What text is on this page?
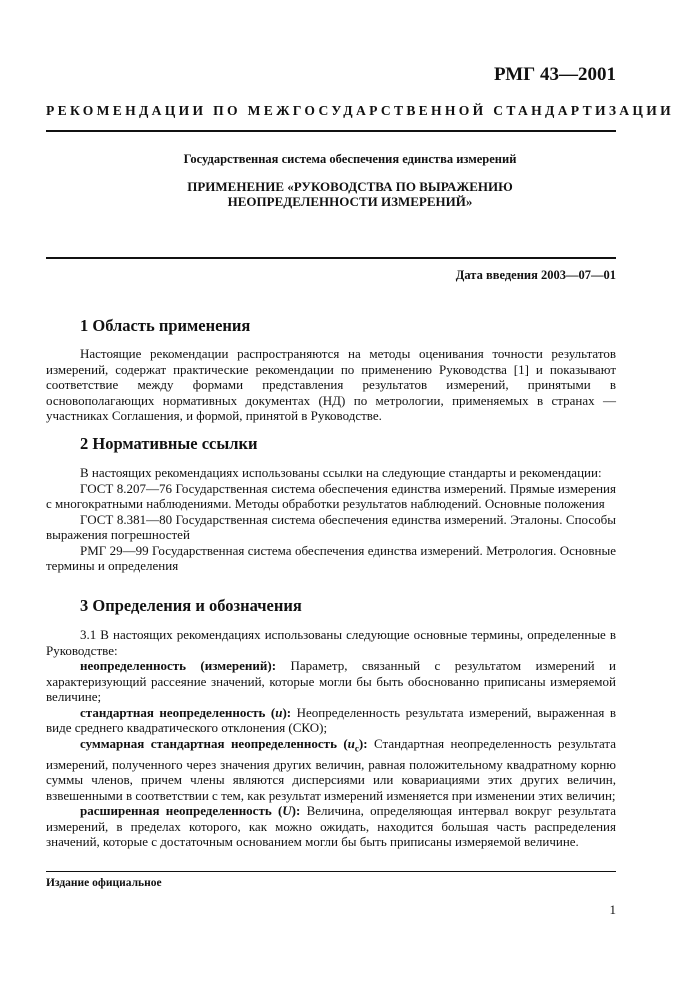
РМГ 43—2001
РЕКОМЕНДАЦИИ ПО МЕЖГОСУДАРСТВЕННОЙ СТАНДАРТИЗАЦИИ
Государственная система обеспечения единства измерений
ПРИМЕНЕНИЕ «РУКОВОДСТВА ПО ВЫРАЖЕНИЮ
НЕОПРЕДЕЛЕННОСТИ ИЗМЕРЕНИЙ»
Дата введения 2003—07—01
1 Область применения

Настоящие рекомендации распространяются на методы оценивания точности результатов измерений, содержат практические рекомендации по применению Руководства [1] и показывают соответствие между формами представления результатов измерений, принятыми в основополагающих нормативных документах (НД) по метрологии, применяемых в странах — участниках Соглашения, и формой, принятой в Руководстве.

2 Нормативные ссылки

В настоящих рекомендациях использованы ссылки на следующие стандарты и рекомендации:

ГОСТ 8.207—76 Государственная система обеспечения единства измерений. Прямые измерения с многократными наблюдениями. Методы обработки результатов наблюдений. Основные положения

ГОСТ 8.381—80 Государственная система обеспечения единства измерений. Эталоны. Способы выражения погрешностей

РМГ 29—99 Государственная система обеспечения единства измерений. Метрология. Основные термины и определения

3 Определения и обозначения

3.1 В настоящих рекомендациях использованы следующие основные термины, определенные в Руководстве:

неопределенность (измерений): Параметр, связанный с результатом измерений и характеризующий рассеяние значений, которые могли бы быть обоснованно приписаны измеряемой величине;

стандартная неопределенность (u): Неопределенность результата измерений, выраженная в виде среднего квадратического отклонения (СКО);

суммарная стандартная неопределенность $(u_c)$: Стандартная неопределенность результата измерений, полученного через значения других величин, равная положительному квадратному корню суммы членов, причем члены являются дисперсиями или ковариациями этих других величин, взвешенными в соответствии с тем, как результат измерений изменяется при изменении этих величин;

расширенная неопределенность (U): Величина, определяющая интервал вокруг результата измерений, в пределах которого, как можно ожидать, находится большая часть распределения значений, которые с достаточным основанием могли бы быть приписаны измеряемой величине.

Издание официальное
1
